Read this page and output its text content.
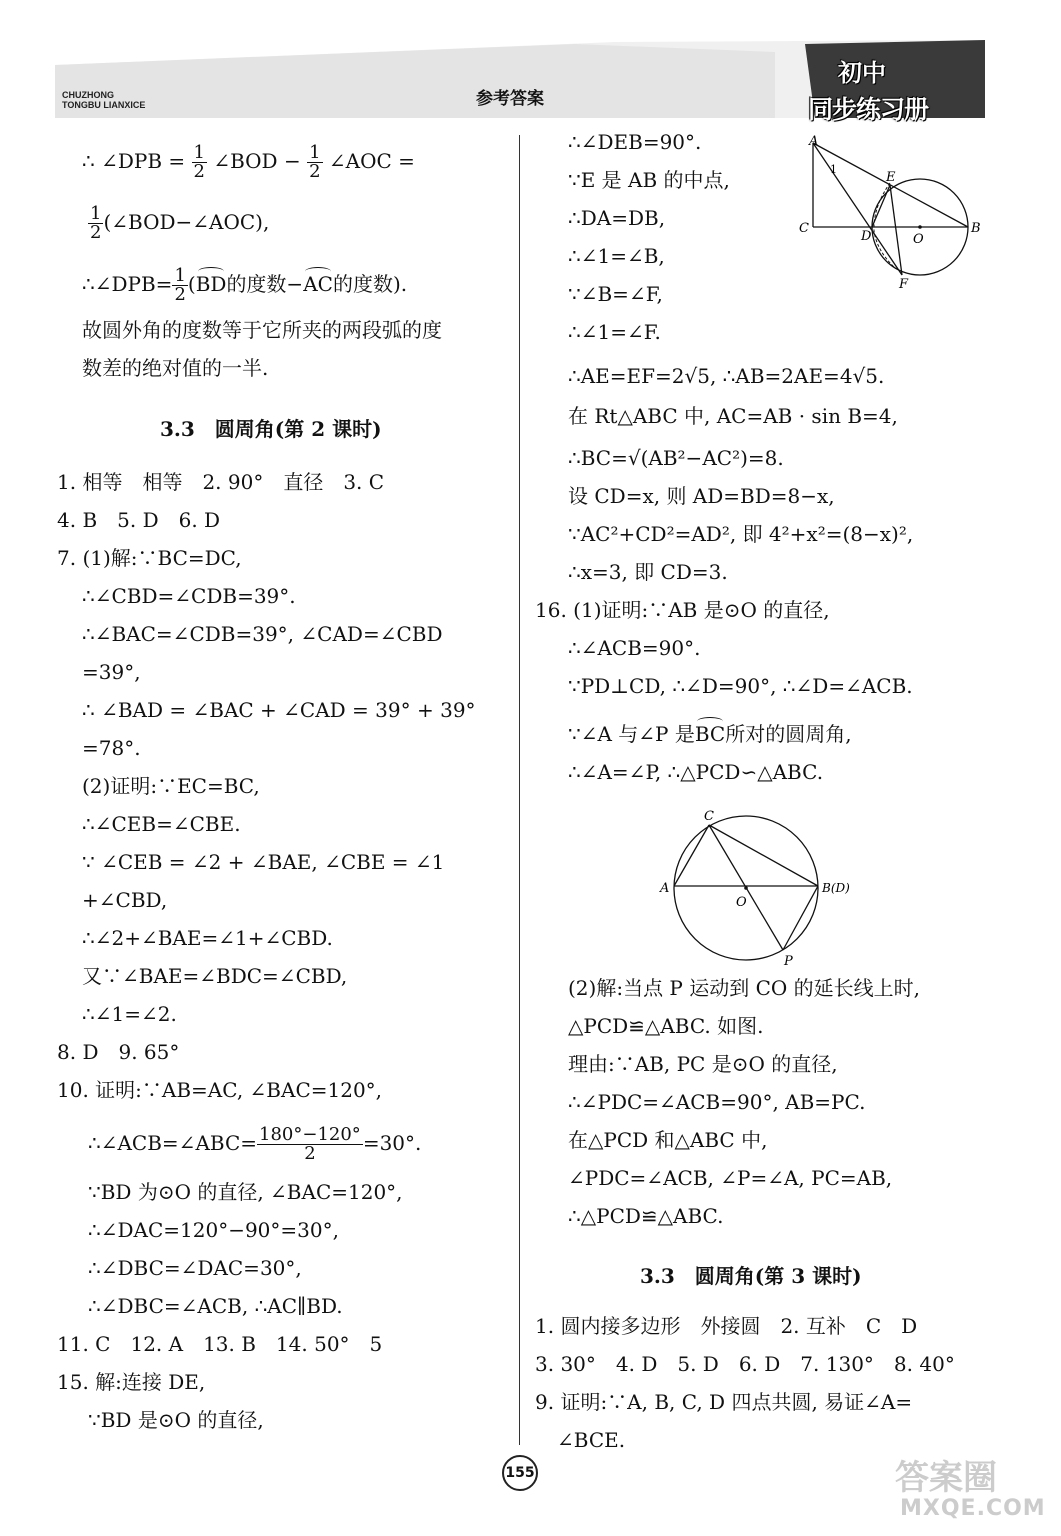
CHUZHONG
TONGBU LIANXICE	参考答案
初中
同步练习册
∴ ∠DPB = $\frac{1}{2}$ ∠BOD − $\frac{1}{2}$ ∠AOC =
$\frac{1}{2}$ (∠BOD−∠AOC),
∴∠DPB= $\frac{1}{2} (BD$的度数−AC的度数).
故圆外角的度数等于它所夹的两段弧的度
数差的绝对值的一半.
3.3　圆周角(第 2 课时)
1. 相等　相等　2. 90°　直径　3. C
4. B　5. D　6. D
7. (1)解:∵BC=DC,
∴∠CBD=∠CDB=39°.
∴∠BAC=∠CDB=39°, ∠CAD=∠CBD
=39°,
∴ ∠BAD = ∠BAC + ∠CAD = 39° + 39°
=78°.
(2)证明:∵EC=BC,
∴∠CEB=∠CBE.
∵ ∠CEB = ∠2 + ∠BAE, ∠CBE = ∠1
+∠CBD,
∴∠2+∠BAE=∠1+∠CBD.
又∵∠BAE=∠BDC=∠CBD,
∴∠1=∠2.
8. D　9. 65°
10. 证明:∵AB=AC, ∠BAC=120°,
∴∠ACB=∠ABC= $\frac{180^\circ-120^\circ}{2} =30^\circ$.
∵BD 为⊙O 的直径, ∠BAC=120°,
∴∠DAC=120°−90°=30°,
∴∠DBC=∠DAC=30°,
∴∠DBC=∠ACB, ∴AC∥BD.
11. C　12. A　13. B　14. 50°　5
15. 解:连接 DE,
∵BD 是⊙O 的直径,
∴∠DEB=90°.
∵E 是 AB 的中点,
∴DA=DB,
∴∠1=∠B,
∵∠B=∠F,
∴∠1=∠F.
∴AE=EF=2√5, ∴AB=2AE=4√5.
在 Rt△ABC 中, AC=AB · sin B=4,
∴BC=√(AB²−AC²)=8.
设 CD=x, 则 AD=BD=8−x,
∵AC²+CD²=AD², 即 4²+x²=(8−x)²,
∴x=3, 即 CD=3.
16. (1)证明:∵AB 是⊙O 的直径,
∴∠ACB=90°.
∵PD⊥CD, ∴∠D=90°, ∴∠D=∠ACB.
∵∠A 与∠P 是BC所对的圆周角,
∴∠A=∠P, ∴△PCD∽△ABC.
A
C
D	O
B
E
F
1
C
A	B(D)
O
P
(2)解:当点 P 运动到 CO 的延长线上时,
△PCD≌△ABC. 如图.
理由:∵AB, PC 是⊙O 的直径,
∴∠PDC=∠ACB=90°, AB=PC.
在△PCD 和△ABC 中,
∠PDC=∠ACB, ∠P=∠A, PC=AB,
∴△PCD≌△ABC.
3.3　圆周角(第 3 课时)
1. 圆内接多边形　外接圆　2. 互补　C　D
3. 30°　4. D　5. D　6. D　7. 130°　8. 40°
9. 证明:∵A, B, C, D 四点共圆, 易证∠A=
∠BCE.
155	答案圈
MXQE.COM
